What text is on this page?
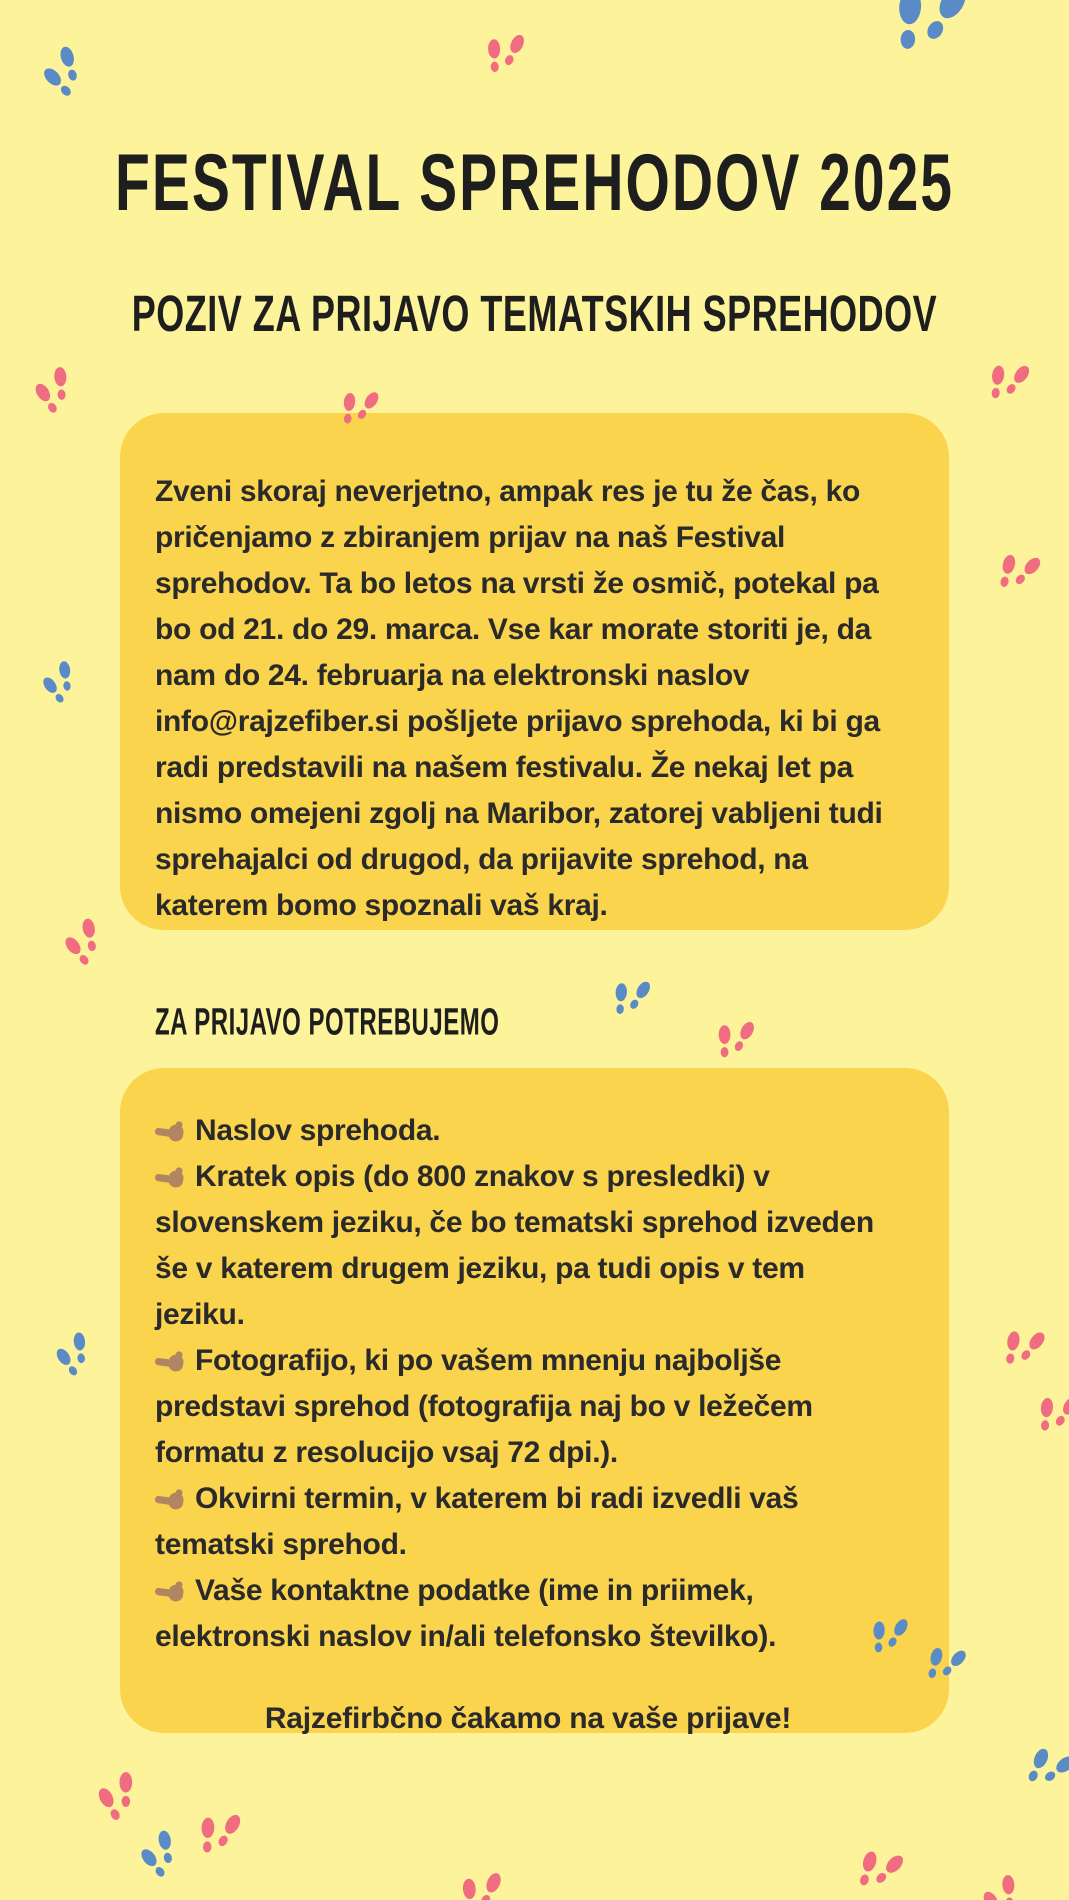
FESTIVAL SPREHODOV 2025
POZIV ZA PRIJAVO TEMATSKIH SPREHODOV

Zveni skoraj neverjetno, ampak res je tu že čas, ko pričenjamo z zbiranjem prijav na naš Festival sprehodov. Ta bo letos na vrsti že osmič, potekal pa bo od 21. do 29. marca. Vse kar morate storiti je, da nam do 24. februarja na elektronski naslov info@rajzefiber.si pošljete prijavo sprehoda, ki bi ga radi predstavili na našem festivalu. Že nekaj let pa nismo omejeni zgolj na Maribor, zatorej vabljeni tudi sprehajalci od drugod, da prijavite sprehod, na katerem bomo spoznali vaš kraj.

ZA PRIJAVO POTREBUJEMO
Naslov sprehoda.
Kratek opis (do 800 znakov s presledki) v slovenskem jeziku, če bo tematski sprehod izveden še v katerem drugem jeziku, pa tudi opis v tem jeziku.
Fotografijo, ki po vašem mnenju najboljše predstavi sprehod (fotografija naj bo v ležečem formatu z resolucijo vsaj 72 dpi.).
Okvirni termin, v katerem bi radi izvedli vaš tematski sprehod.
Vaše kontaktne podatke (ime in priimek, elektronski naslov in/ali telefonsko številko).

Rajzefirbčno čakamo na vaše prijave!
